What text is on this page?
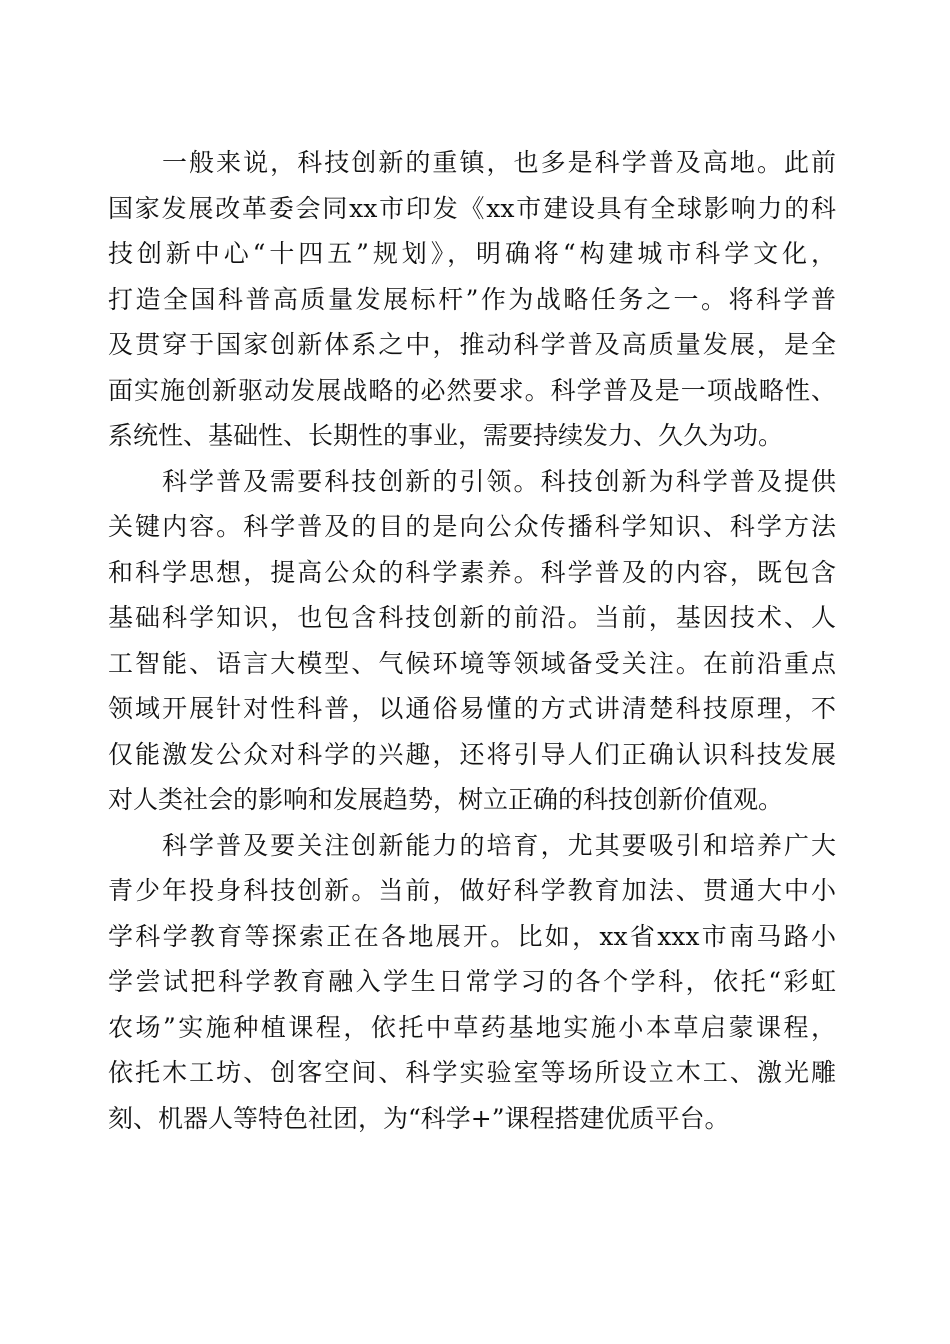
一般来说，科技创新的重镇，也多是科学普及高地。此前
国家发展改革委会同xx市印发《xx市建设具有全球影响力的科
技创新中心“十四五”规划》，明确将“构建城市科学文化，
打造全国科普高质量发展标杆”作为战略任务之一。将科学普
及贯穿于国家创新体系之中，推动科学普及高质量发展，是全
面实施创新驱动发展战略的必然要求。科学普及是一项战略性、
系统性、基础性、长期性的事业，需要持续发力、久久为功。
科学普及需要科技创新的引领。科技创新为科学普及提供
关键内容。科学普及的目的是向公众传播科学知识、科学方法
和科学思想，提高公众的科学素养。科学普及的内容，既包含
基础科学知识，也包含科技创新的前沿。当前，基因技术、人
工智能、语言大模型、气候环境等领域备受关注。在前沿重点
领域开展针对性科普，以通俗易懂的方式讲清楚科技原理，不
仅能激发公众对科学的兴趣，还将引导人们正确认识科技发展
对人类社会的影响和发展趋势，树立正确的科技创新价值观。
科学普及要关注创新能力的培育，尤其要吸引和培养广大
青少年投身科技创新。当前，做好科学教育加法、贯通大中小
学科学教育等探索正在各地展开。比如，xx省xxx市南马路小
学尝试把科学教育融入学生日常学习的各个学科，依托“彩虹
农场”实施种植课程，依托中草药基地实施小本草启蒙课程，
依托木工坊、创客空间、科学实验室等场所设立木工、激光雕
刻、机器人等特色社团，为“科学+”课程搭建优质平台。
